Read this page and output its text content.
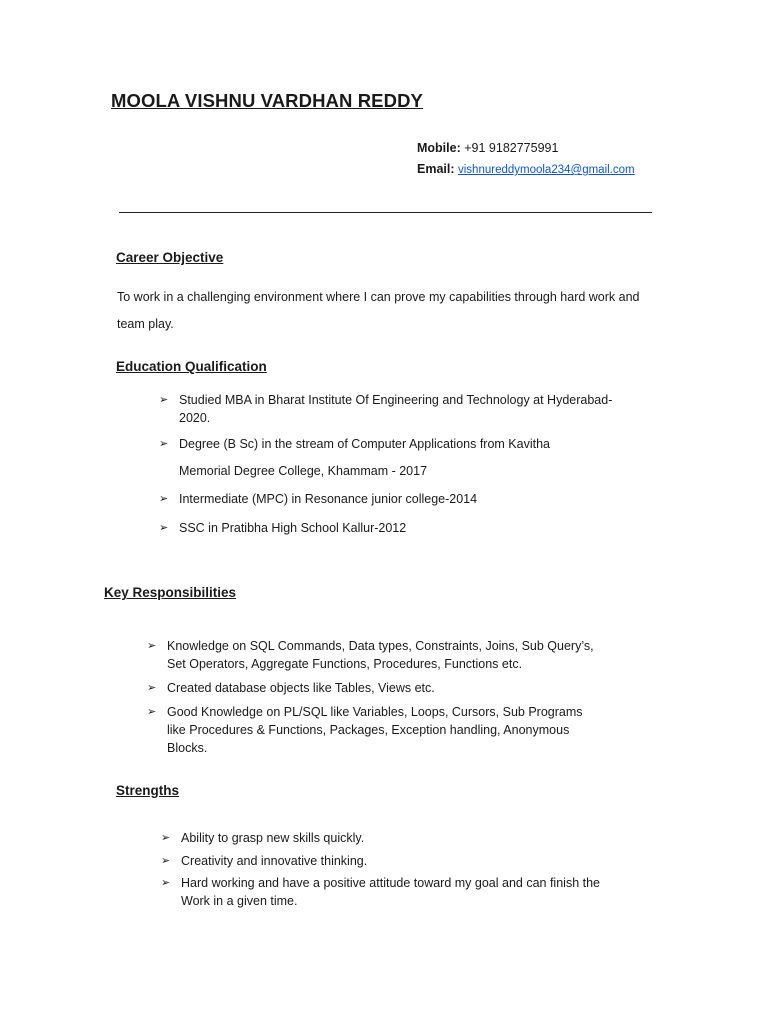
MOOLA VISHNU VARDHAN REDDY
Mobile: +91 9182775991
Email: vishnureddymoola234@gmail.com
Career Objective

To work in a challenging environment where I can prove my capabilities through hard work and team play.

Education Qualification
➢ Studied MBA in Bharat Institute Of Engineering and Technology at Hyderabad-2020.
➢ Degree (B Sc) in the stream of Computer Applications from Kavitha
Memorial Degree College, Khammam - 2017
➢ Intermediate (MPC) in Resonance junior college-2014
➢ SSC in Pratibha High School Kallur-2012
Key Responsibilities
➢ Knowledge on SQL Commands, Data types, Constraints, Joins, Sub Query’s, Set Operators, Aggregate Functions, Procedures, Functions etc.
➢ Created database objects like Tables, Views etc.
➢ Good Knowledge on PL/SQL like Variables, Loops, Cursors, Sub Programs like Procedures & Functions, Packages, Exception handling, Anonymous Blocks.
Strengths
➢ Ability to grasp new skills quickly.
➢ Creativity and innovative thinking.
➢ Hard working and have a positive attitude toward my goal and can finish the Work in a given time.
